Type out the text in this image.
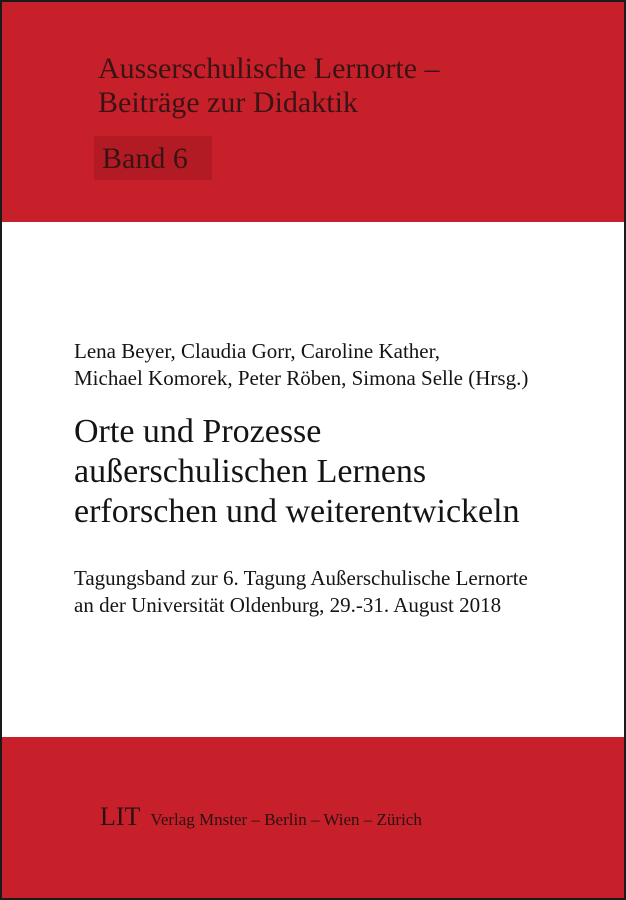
Ausserschulische Lernorte –
Beiträge zur Didaktik
Band 6
Lena Beyer, Claudia Gorr, Caroline Kather,
Michael Komorek, Peter Röben, Simona Selle (Hrsg.)
Orte und Prozesse
außerschulischen Lernens
erforschen und weiterentwickeln
Tagungsband zur 6. Tagung Außerschulische Lernorte
an der Universität Oldenburg, 29.-31. August 2018
LIT Verlag Mnster – Berlin – Wien – Zürich
